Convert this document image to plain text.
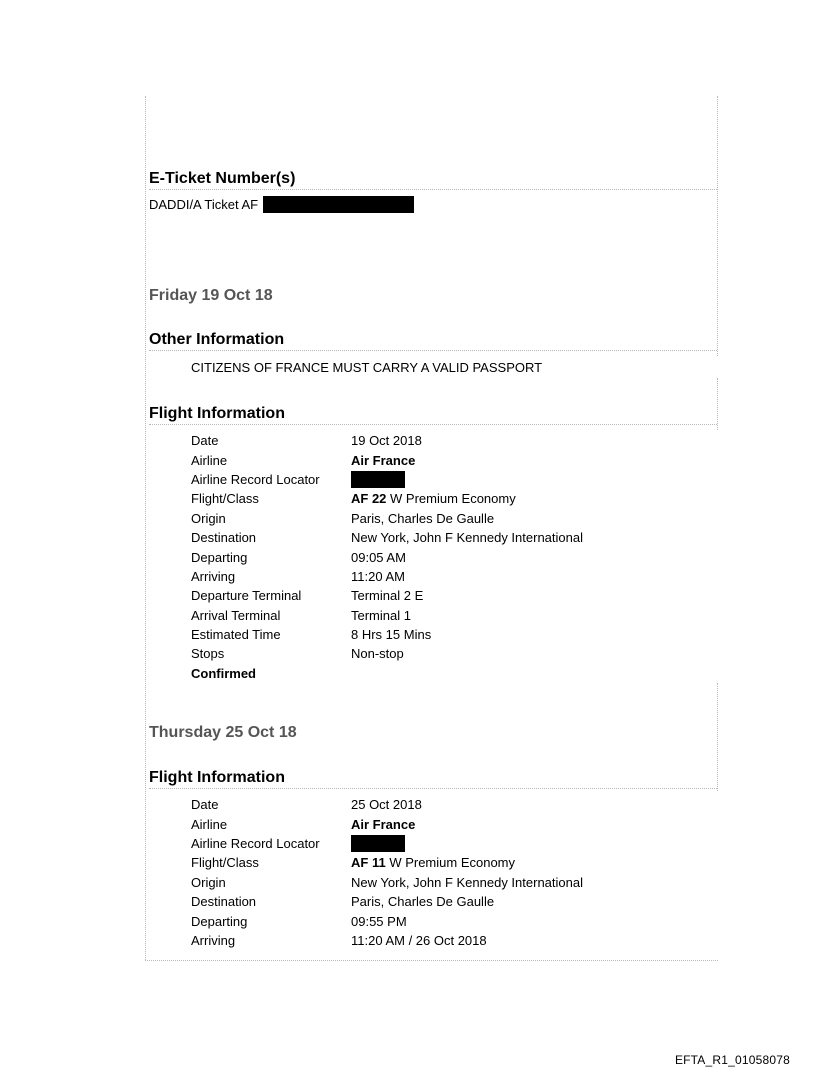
E-Ticket Number(s)
DADDI/A Ticket AF
Friday 19 Oct 18
Other Information
CITIZENS OF FRANCE MUST CARRY A VALID PASSPORT
Flight Information
Date	19 Oct 2018
Airline	Air France
Airline Record Locator
Flight/Class	AF 22 W Premium Economy
Origin	Paris, Charles De Gaulle
Destination	New York, John F Kennedy International
Departing	09:05 AM
Arriving	11:20 AM
Departure Terminal	Terminal 2 E
Arrival Terminal	Terminal 1
Estimated Time	8 Hrs 15 Mins
Stops	Non-stop
Confirmed
Thursday 25 Oct 18
Flight Information
Date	25 Oct 2018
Airline	Air France
Airline Record Locator
Flight/Class	AF 11 W Premium Economy
Origin	New York, John F Kennedy International
Destination	Paris, Charles De Gaulle
Departing	09:55 PM
Arriving	11:20 AM / 26 Oct 2018
EFTA_R1_01058078
